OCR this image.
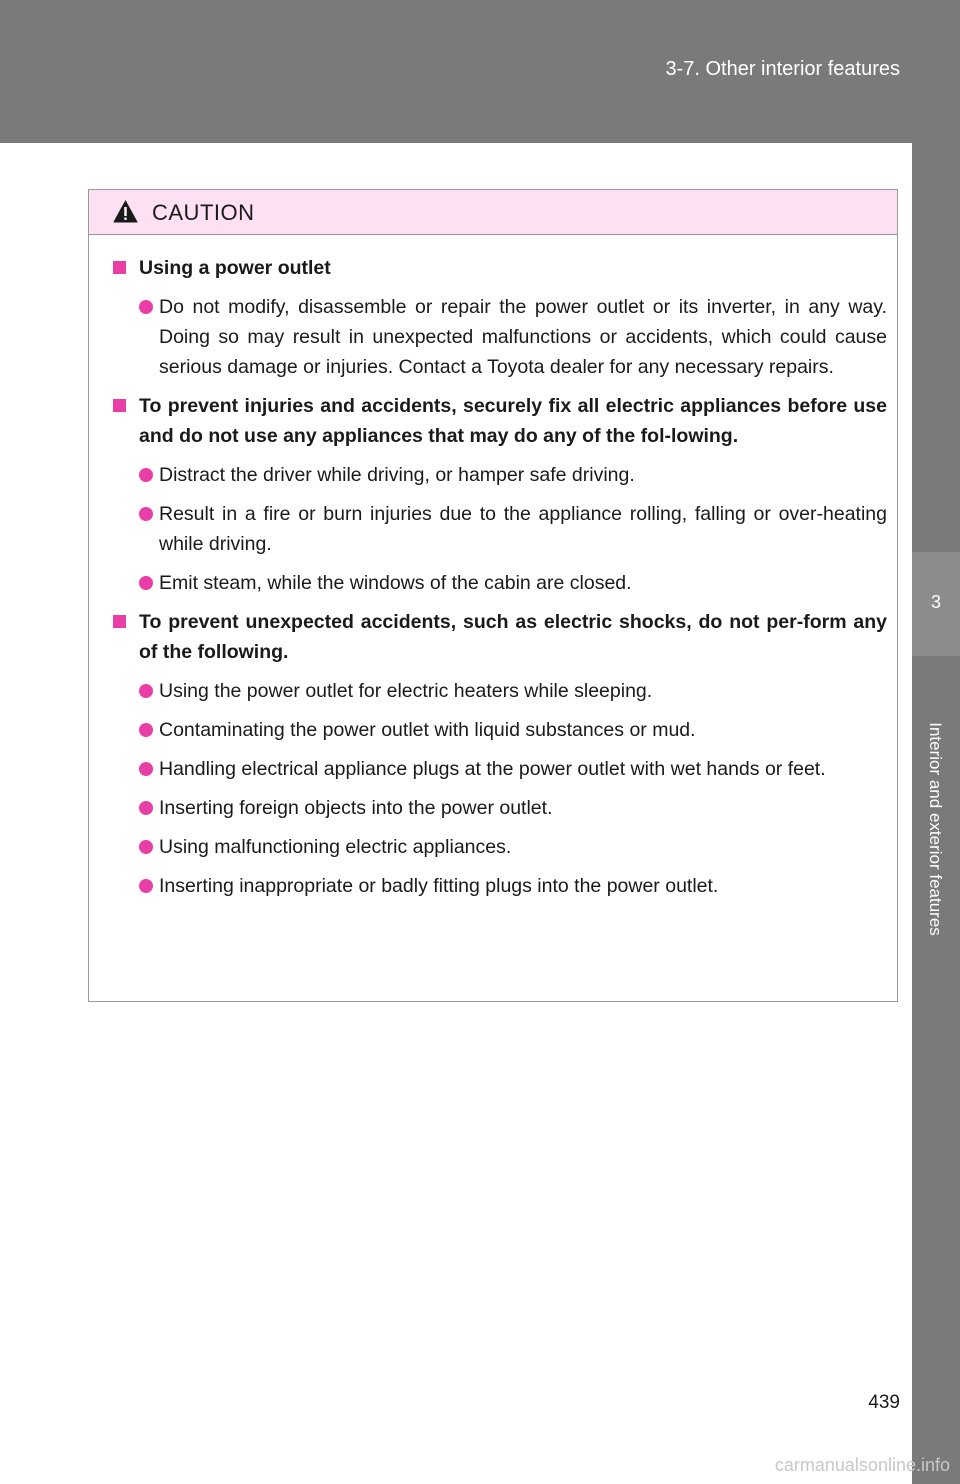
3-7. Other interior features
3
Interior and exterior features
CAUTION
Using a power outlet
Do not modify, disassemble or repair the power outlet or its inverter, in any way. Doing so may result in unexpected malfunctions or accidents, which could cause serious damage or injuries. Contact a Toyota dealer for any necessary repairs.
To prevent injuries and accidents, securely fix all electric appliances before use and do not use any appliances that may do any of the fol-lowing.
Distract the driver while driving, or hamper safe driving.
Result in a fire or burn injuries due to the appliance rolling, falling or over-heating while driving.
Emit steam, while the windows of the cabin are closed.
To prevent unexpected accidents, such as electric shocks, do not per-form any of the following.
Using the power outlet for electric heaters while sleeping.
Contaminating the power outlet with liquid substances or mud.
Handling electrical appliance plugs at the power outlet with wet hands or feet.
Inserting foreign objects into the power outlet.
Using malfunctioning electric appliances.
Inserting inappropriate or badly fitting plugs into the power outlet.
439
carmanualsonline.info
